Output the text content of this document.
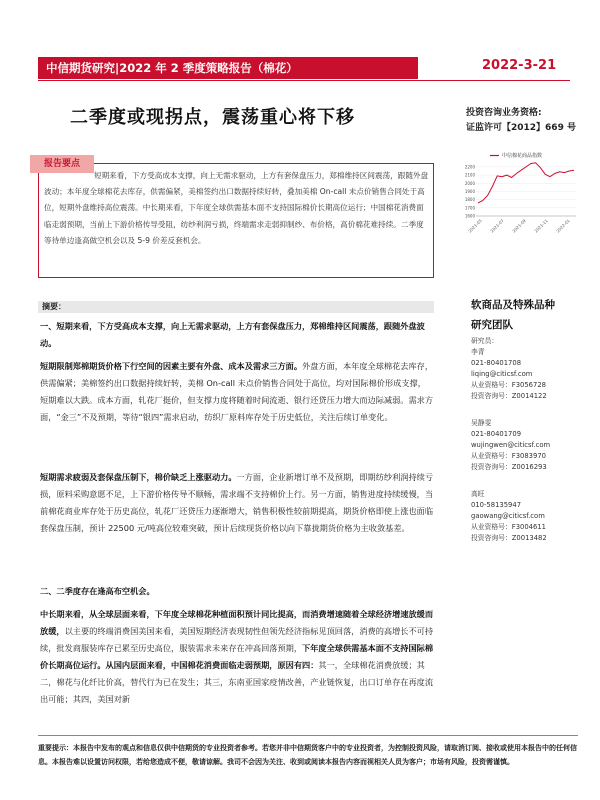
中信期货研究|2022 年 2 季度策略报告（棉花）	2022-3-21
二季度或现拐点，震荡重心将下移	投资咨询业务资格:
证监许可【2012】669 号
报告要点
短期来看，下方受高成本支撑，向上无需求驱动，上方有套保盘压力，郑棉维持区间震荡，跟随外盘波动；本年度全球棉花去库存，供需偏紧，美棉签约出口数据持续好转，叠加美棉 On-call 未点价销售合同处于高位，短期外盘维持高位震荡。中长期来看，下年度全球供需基本面不支持国际棉价长期高位运行；中国棉花消费面临走弱预期，当前上下游价格传导受阻，纺纱利润亏损，终端需求走弱抑制纱、布价格，高价棉花难持续。二季度等待单边逢高做空机会以及 5-9 价差反套机会。
中信棉花商品指数
2200
2100
2000
1900
1800
1700
1600
2021-05 2021-07 2021-09 2021-11 2022-01
摘要：
一、短期来看，下方受高成本支撑，向上无需求驱动，上方有套保盘压力，郑棉维持区间震荡，跟随外盘波动。
短期限制郑棉期货价格下行空间的因素主要有外盘、成本及需求三方面。外盘方面，本年度全球棉花去库存，供需偏紧；美棉签约出口数据持续好转，美棉 On-call 未点价销售合同处于高位，均对国际棉价形成支撑，短期难以大跌。成本方面，轧花厂挺价，但支撑力度将随着时间流逝、银行还贷压力增大而边际减弱。需求方面，“金三”不及预期，等待“银四”需求启动，纺织厂原料库存处于历史低位，关注后续订单变化。
短期需求疲弱及套保盘压制下，棉价缺乏上涨驱动力。一方面，企业新增订单不及预期，即期纺纱利润持续亏损，原料采购意愿不足，上下游价格传导不顺畅，需求端不支持棉价上行。另一方面，销售进度持续缓慢，当前棉花商业库存处于历史高位，轧花厂还贷压力逐渐增大，销售积极性较前期提高，期货价格即使上涨也面临套保盘压制，预计 22500 元/吨高位较难突破，预计后续现货价格以向下靠拢期货价格为主收敛基差。
二、二季度存在逢高布空机会。
中长期来看，从全球层面来看，下年度全球棉花种植面积预计同比提高，而消费增速随着全球经济增速放缓而放缓，以主要的终端消费国美国来看，美国短期经济表现韧性但领先经济指标见顶回落，消费的高增长不可持续，批发商服装库存已累至历史高位，服装需求未来存在冲高回落预期，下年度全球供需基本面不支持国际棉价长期高位运行。从国内层面来看，中国棉花消费面临走弱预期，原因有四：其一，全球棉花消费放缓；其二，棉花与化纤比价高，替代行为已在发生；其三，东南亚国家疫情改善，产业链恢复，出口订单存在再度流出可能；其四，美国对新
软商品及特殊品种
研究团队
研究员：
李青
021-80401708
liqing@citicsf.com
从业资格号：F3056728
投资咨询号：Z0014122
吴静雯
021-80401709
wujingwen@citicsf.com
从业资格号：F3083970
投资咨询号：Z0016293
高旺
010-58135947
gaowang@citicsf.com
从业资格号：F3004611
投资咨询号：Z0013482
重要提示：本报告中发布的观点和信息仅供中信期货的专业投资者参考。若您并非中信期货客户中的专业投资者，为控制投资风险，请取消订阅、接收或使用本报告中的任何信息。本报告难以设置访问权限，若给您造成不便，敬请谅解。我司不会因为关注、收到或阅读本报告内容而视相关人员为客户；市场有风险，投资需谨慎。
